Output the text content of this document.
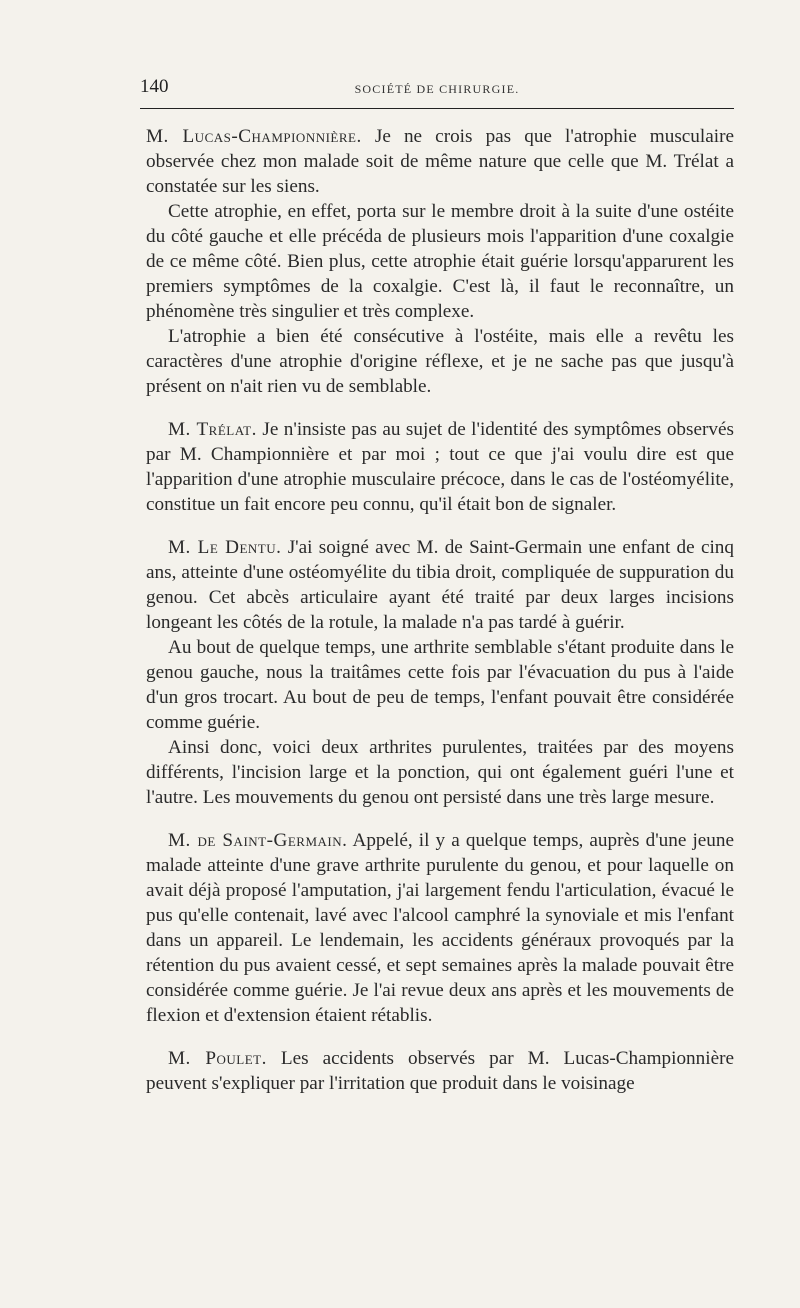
140	SOCIÉTÉ DE CHIRURGIE.

M. Lucas-Championnière. Je ne crois pas que l'atrophie musculaire observée chez mon malade soit de même nature que celle que M. Trélat a constatée sur les siens.

Cette atrophie, en effet, porta sur le membre droit à la suite d'une ostéite du côté gauche et elle précéda de plusieurs mois l'apparition d'une coxalgie de ce même côté. Bien plus, cette atrophie était guérie lorsqu'apparurent les premiers symptômes de la coxalgie. C'est là, il faut le reconnaître, un phénomène très singulier et très complexe.

L'atrophie a bien été consécutive à l'ostéite, mais elle a revêtu les caractères d'une atrophie d'origine réflexe, et je ne sache pas que jusqu'à présent on n'ait rien vu de semblable.

M. Trélat. Je n'insiste pas au sujet de l'identité des symptômes observés par M. Championnière et par moi ; tout ce que j'ai voulu dire est que l'apparition d'une atrophie musculaire précoce, dans le cas de l'ostéomyélite, constitue un fait encore peu connu, qu'il était bon de signaler.

M. Le Dentu. J'ai soigné avec M. de Saint-Germain une enfant de cinq ans, atteinte d'une ostéomyélite du tibia droit, compliquée de suppuration du genou. Cet abcès articulaire ayant été traité par deux larges incisions longeant les côtés de la rotule, la malade n'a pas tardé à guérir.

Au bout de quelque temps, une arthrite semblable s'étant produite dans le genou gauche, nous la traitâmes cette fois par l'évacuation du pus à l'aide d'un gros trocart. Au bout de peu de temps, l'enfant pouvait être considérée comme guérie.

Ainsi donc, voici deux arthrites purulentes, traitées par des moyens différents, l'incision large et la ponction, qui ont également guéri l'une et l'autre. Les mouvements du genou ont persisté dans une très large mesure.

M. de Saint-Germain. Appelé, il y a quelque temps, auprès d'une jeune malade atteinte d'une grave arthrite purulente du genou, et pour laquelle on avait déjà proposé l'amputation, j'ai largement fendu l'articulation, évacué le pus qu'elle contenait, lavé avec l'alcool camphré la synoviale et mis l'enfant dans un appareil. Le lendemain, les accidents généraux provoqués par la rétention du pus avaient cessé, et sept semaines après la malade pouvait être considérée comme guérie. Je l'ai revue deux ans après et les mouvements de flexion et d'extension étaient rétablis.

M. Poulet. Les accidents observés par M. Lucas-Championnière peuvent s'expliquer par l'irritation que produit dans le voisinage
